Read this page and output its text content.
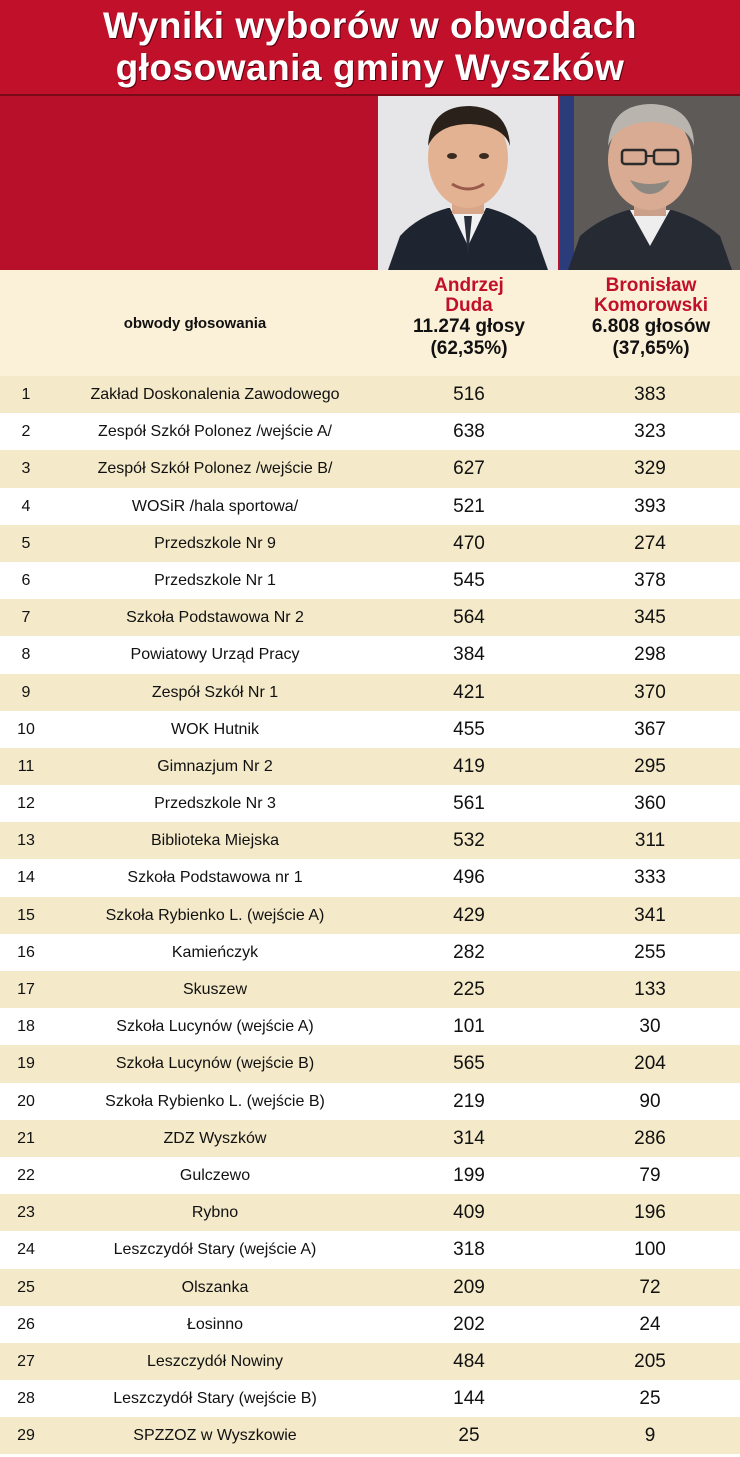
Wyniki wyborów w obwodach
głosowania gminy Wyszków
obwody głosowania
Andrzej
Duda
11.274 głosy
(62,35%)
Bronisław
Komorowski
6.808 głosów
(37,65%)
1	Zakład Doskonalenia Zawodowego	516	383
2	Zespół Szkół Polonez /wejście A/	638	323
3	Zespół Szkół Polonez /wejście B/	627	329
4	WOSiR /hala sportowa/	521	393
5	Przedszkole Nr 9	470	274
6	Przedszkole Nr 1	545	378
7	Szkoła Podstawowa Nr 2	564	345
8	Powiatowy Urząd Pracy	384	298
9	Zespół Szkół Nr 1	421	370
10	WOK Hutnik	455	367
11	Gimnazjum Nr 2	419	295
12	Przedszkole Nr 3	561	360
13	Biblioteka Miejska	532	311
14	Szkoła Podstawowa nr 1	496	333
15	Szkoła Rybienko L. (wejście A)	429	341
16	Kamieńczyk	282	255
17	Skuszew	225	133
18	Szkoła Lucynów (wejście A)	101	30
19	Szkoła Lucynów (wejście B)	565	204
20	Szkoła Rybienko L. (wejście B)	219	90
21	ZDZ Wyszków	314	286
22	Gulczewo	199	79
23	Rybno	409	196
24	Leszczydół Stary (wejście A)	318	100
25	Olszanka	209	72
26	Łosinno	202	24
27	Leszczydół Nowiny	484	205
28	Leszczydół Stary (wejście B)	144	25
29	SPZZOZ w Wyszkowie	25	9
